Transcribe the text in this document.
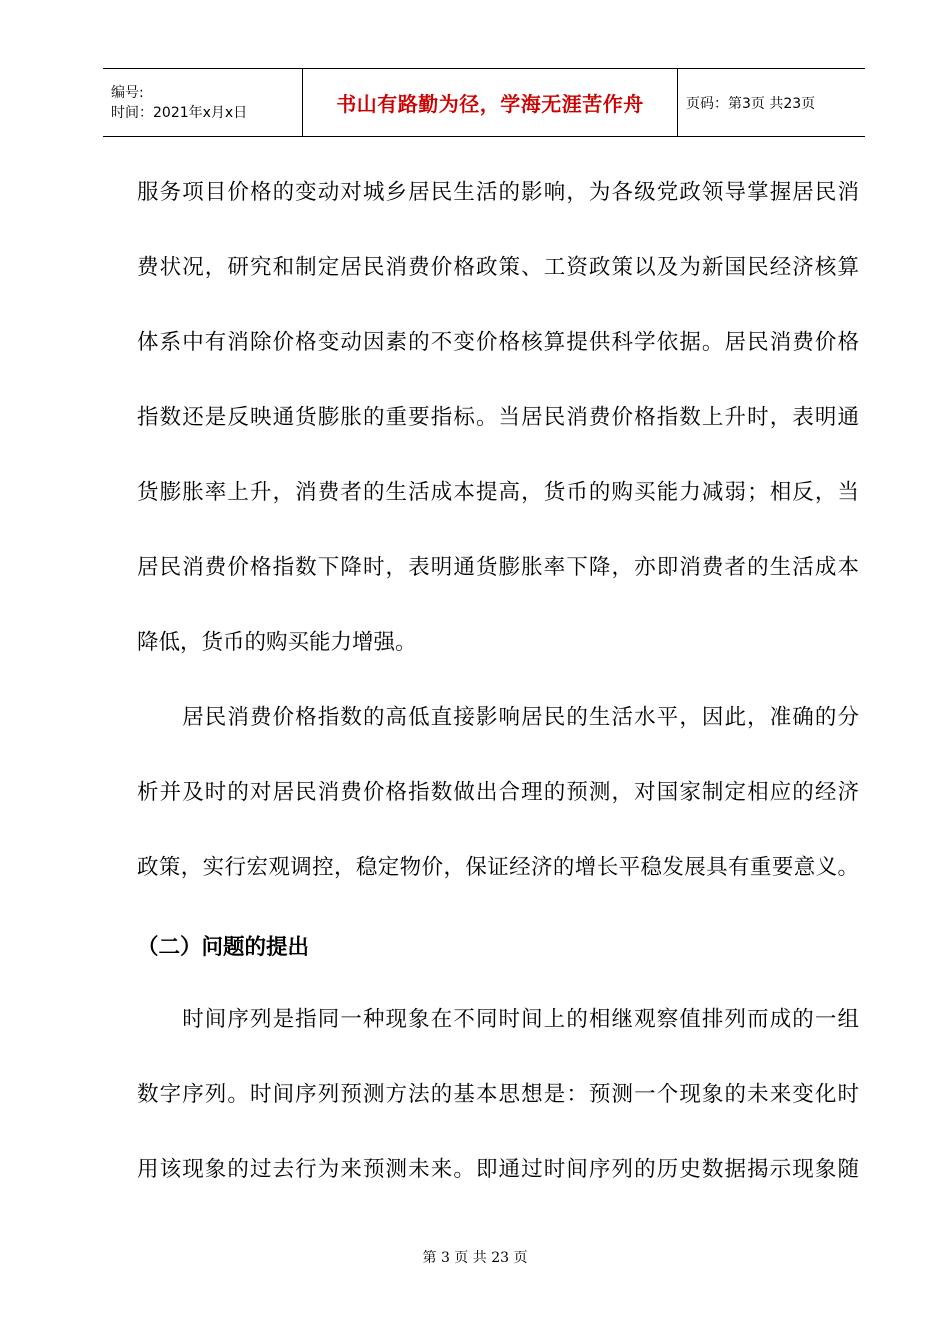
编号:
时间：2021年x月x日	书山有路勤为径，学海无涯苦作舟	页码：第3页 共23页
服务项目价格的变动对城乡居民生活的影响，为各级党政领导掌握居民消
费状况，研究和制定居民消费价格政策、工资政策以及为新国民经济核算
体系中有消除价格变动因素的不变价格核算提供科学依据。居民消费价格
指数还是反映通货膨胀的重要指标。当居民消费价格指数上升时，表明通
货膨胀率上升，消费者的生活成本提高，货币的购买能力减弱；相反，当
居民消费价格指数下降时，表明通货膨胀率下降，亦即消费者的生活成本
降低，货币的购买能力增强。
　　居民消费价格指数的高低直接影响居民的生活水平，因此，准确的分
析并及时的对居民消费价格指数做出合理的预测，对国家制定相应的经济
政策，实行宏观调控，稳定物价，保证经济的增长平稳发展具有重要意义。
（二）问题的提出
　　时间序列是指同一种现象在不同时间上的相继观察值排列而成的一组
数字序列。时间序列预测方法的基本思想是：预测一个现象的未来变化时
用该现象的过去行为来预测未来。即通过时间序列的历史数据揭示现象随
第 3 页 共 23 页
